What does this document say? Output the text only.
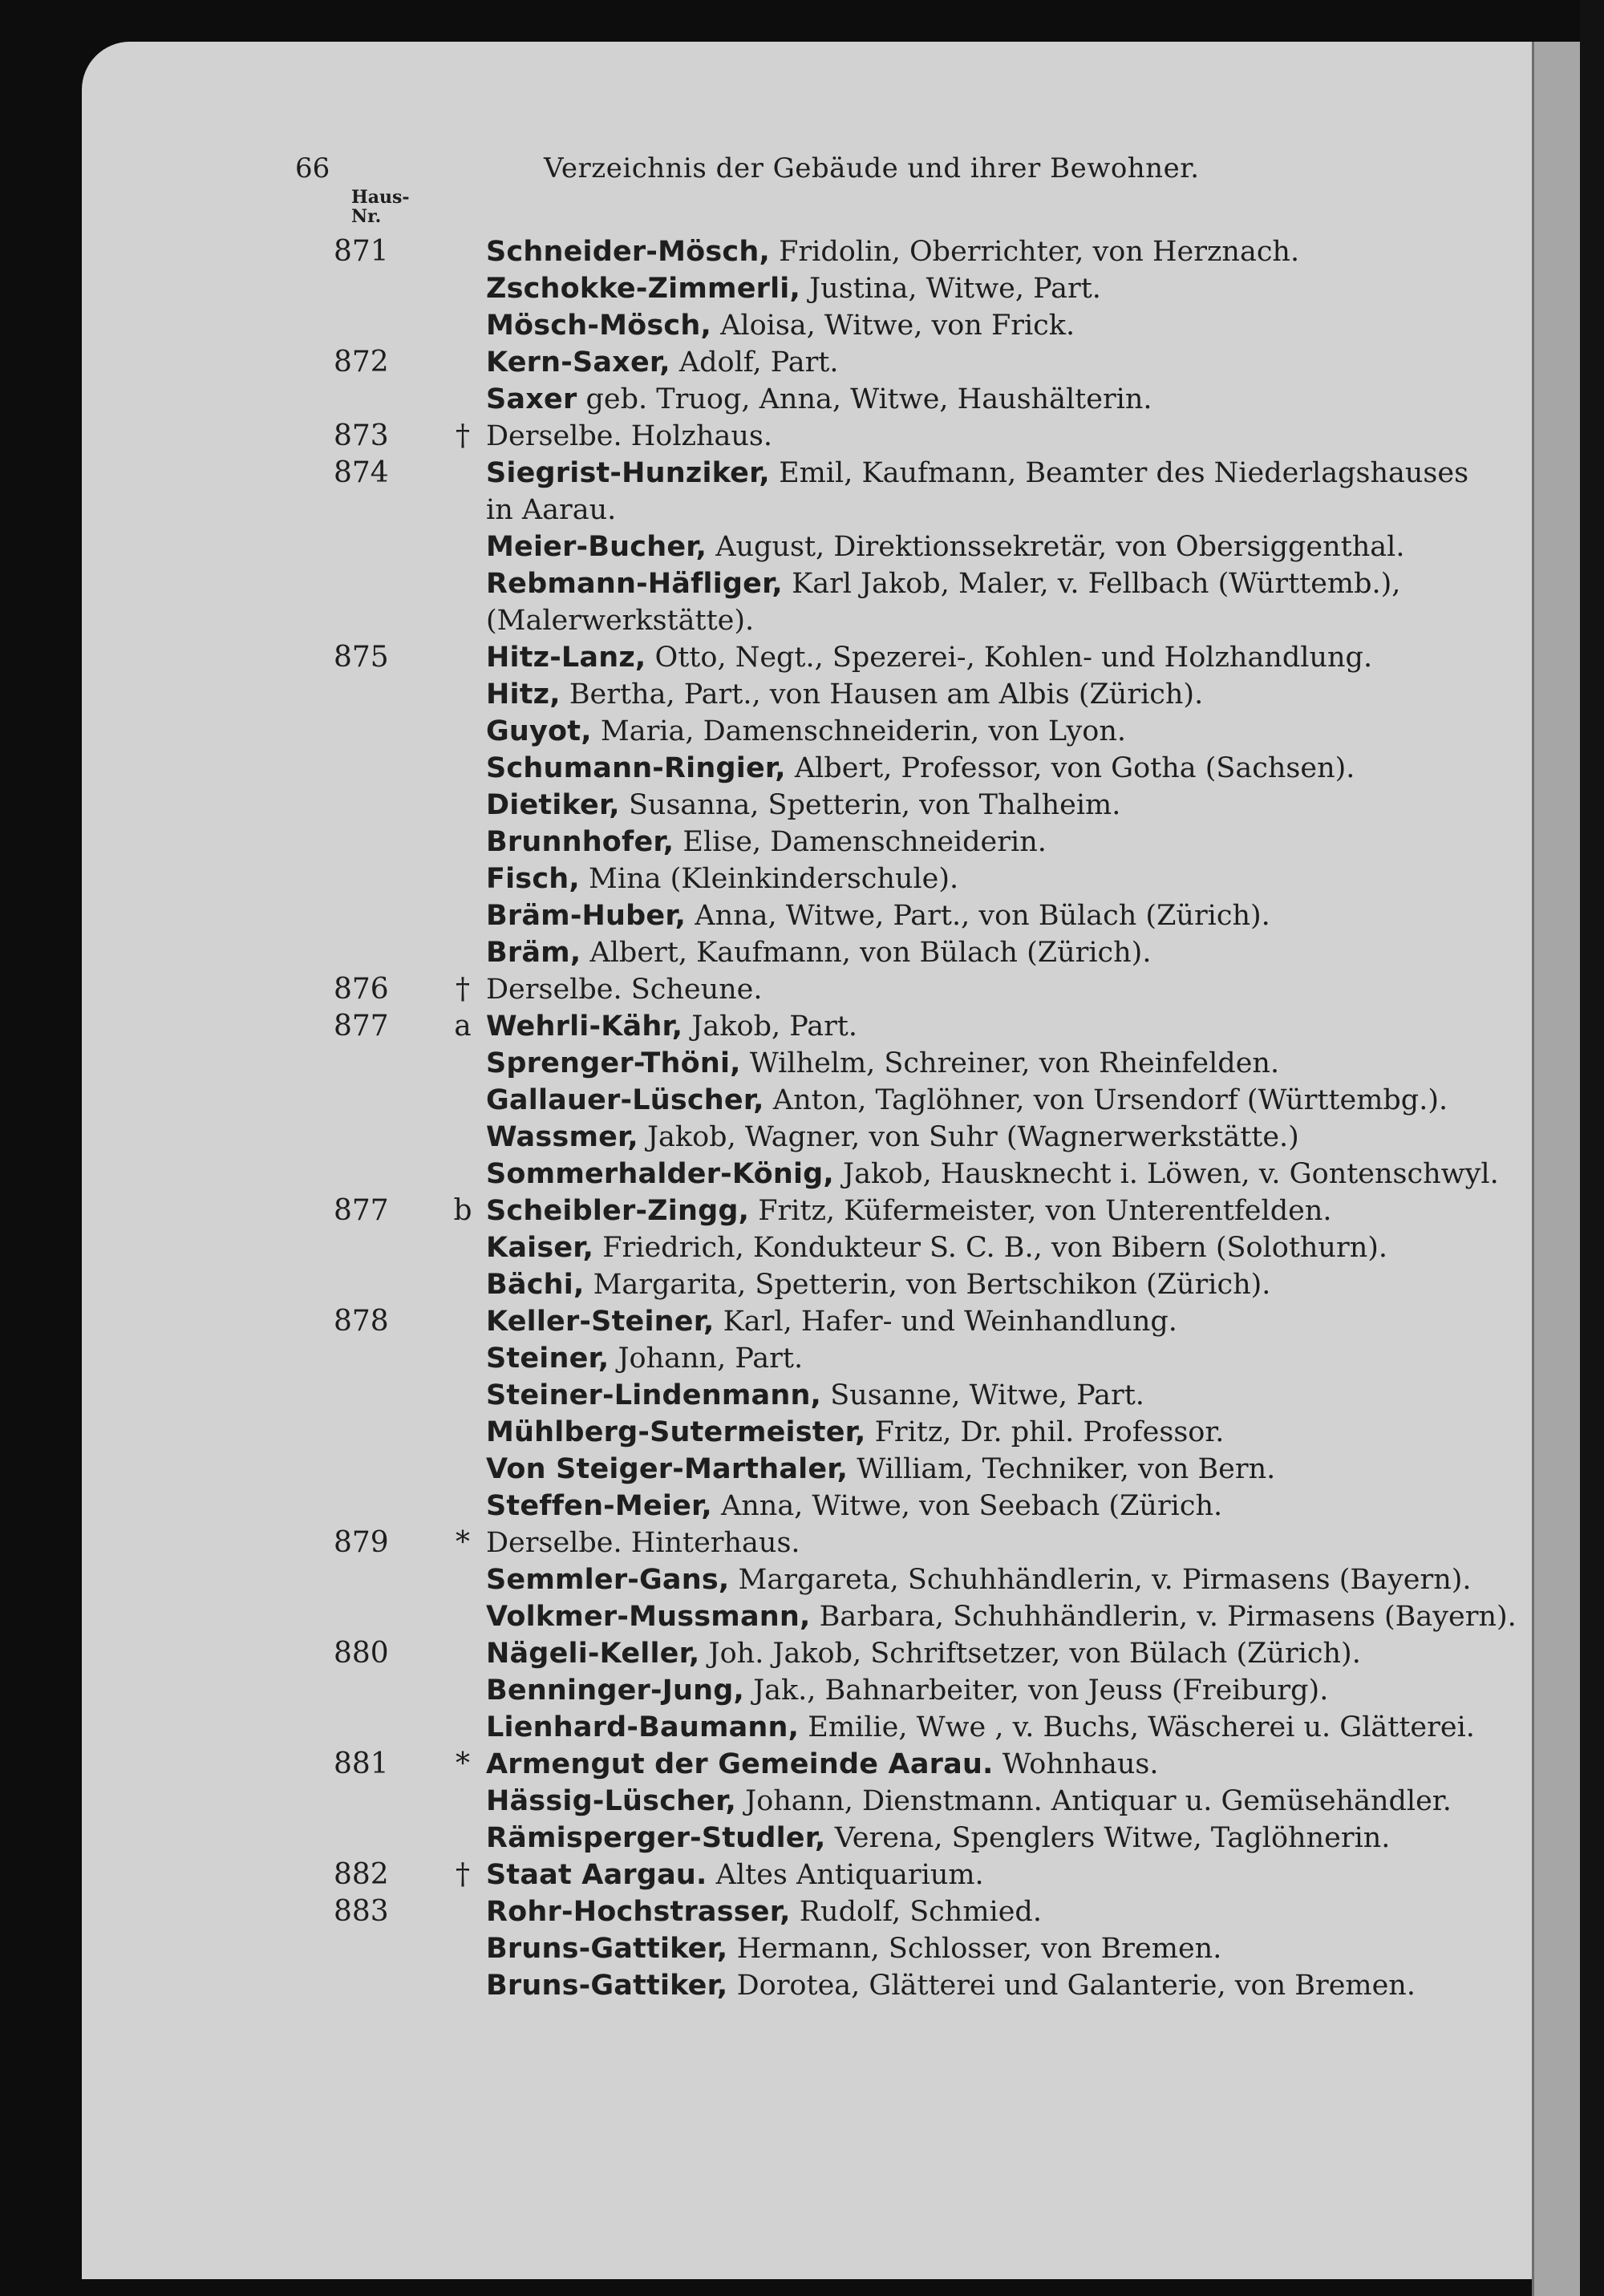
66	Verzeichnis der Gebäude und ihrer Bewohner.
Haus-
Nr.
871	Schneider-Mösch, Fridolin, Oberrichter, von Herznach.
Zschokke-Zimmerli, Justina, Witwe, Part.
Mösch-Mösch, Aloisa, Witwe, von Frick.
872	Kern-Saxer, Adolf, Part.
Saxer geb. Truog, Anna, Witwe, Haushälterin.
873	† Derselbe. Holzhaus.
874	Siegrist-Hunziker, Emil, Kaufmann, Beamter des Niederlagshauses
in Aarau.
Meier-Bucher, August, Direktionssekretär, von Obersiggenthal.
Rebmann-Häfliger, Karl Jakob, Maler, v. Fellbach (Württemb.),
(Malerwerkstätte).
875	Hitz-Lanz, Otto, Negt., Spezerei-, Kohlen- und Holzhandlung.
Hitz, Bertha, Part., von Hausen am Albis (Zürich).
Guyot, Maria, Damenschneiderin, von Lyon.
Schumann-Ringier, Albert, Professor, von Gotha (Sachsen).
Dietiker, Susanna, Spetterin, von Thalheim.
Brunnhofer, Elise, Damenschneiderin.
Fisch, Mina (Kleinkinderschule).
Bräm-Huber, Anna, Witwe, Part., von Bülach (Zürich).
Bräm, Albert, Kaufmann, von Bülach (Zürich).
876	† Derselbe. Scheune.
877	a Wehrli-Kähr, Jakob, Part.
Sprenger-Thöni, Wilhelm, Schreiner, von Rheinfelden.
Gallauer-Lüscher, Anton, Taglöhner, von Ursendorf (Württembg.).
Wassmer, Jakob, Wagner, von Suhr (Wagnerwerkstätte.)
Sommerhalder-König, Jakob, Hausknecht i. Löwen, v. Gontenschwyl.
877	b Scheibler-Zingg, Fritz, Küfermeister, von Unterentfelden.
Kaiser, Friedrich, Kondukteur S. C. B., von Bibern (Solothurn).
Bächi, Margarita, Spetterin, von Bertschikon (Zürich).
878	Keller-Steiner, Karl, Hafer- und Weinhandlung.
Steiner, Johann, Part.
Steiner-Lindenmann, Susanne, Witwe, Part.
Mühlberg-Sutermeister, Fritz, Dr. phil. Professor.
Von Steiger-Marthaler, William, Techniker, von Bern.
Steffen-Meier, Anna, Witwe, von Seebach (Zürich.
879	* Derselbe. Hinterhaus.
Semmler-Gans, Margareta, Schuhhändlerin, v. Pirmasens (Bayern).
Volkmer-Mussmann, Barbara, Schuhhändlerin, v. Pirmasens (Bayern).
880	Nägeli-Keller, Joh. Jakob, Schriftsetzer, von Bülach (Zürich).
Benninger-Jung, Jak., Bahnarbeiter, von Jeuss (Freiburg).
Lienhard-Baumann, Emilie, Wwe , v. Buchs, Wäscherei u. Glätterei.
881	* Armengut der Gemeinde Aarau. Wohnhaus.
Hässig-Lüscher, Johann, Dienstmann. Antiquar u. Gemüsehändler.
Rämisperger-Studler, Verena, Spenglers Witwe, Taglöhnerin.
882	† Staat Aargau. Altes Antiquarium.
883	Rohr-Hochstrasser, Rudolf, Schmied.
Bruns-Gattiker, Hermann, Schlosser, von Bremen.
Bruns-Gattiker, Dorotea, Glätterei und Galanterie, von Bremen.
